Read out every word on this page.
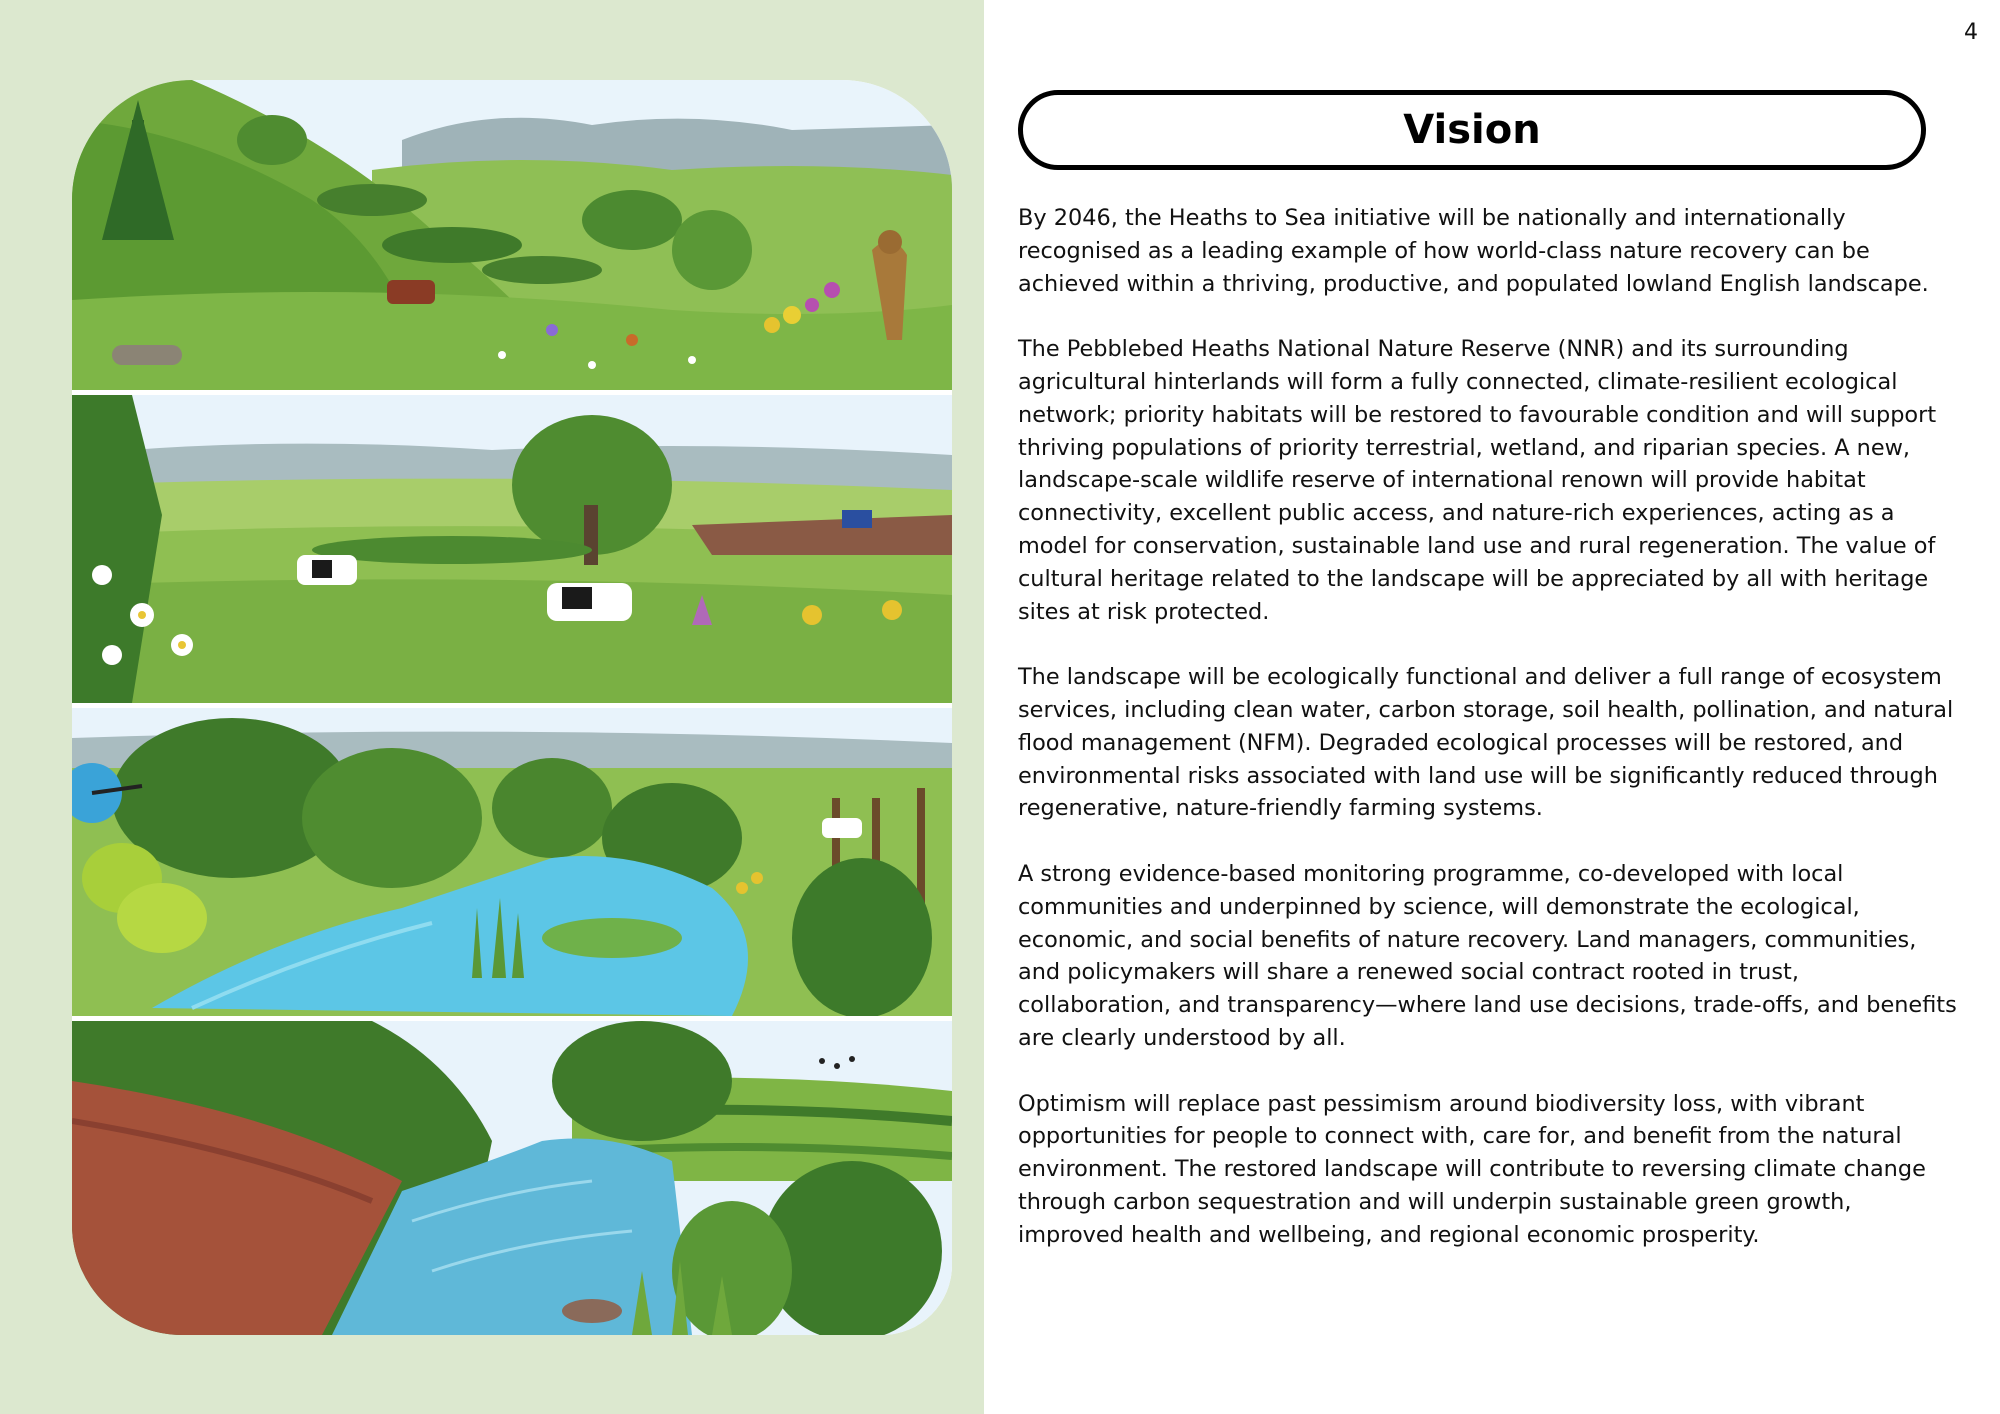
4
Vision

By 2046, the Heaths to Sea initiative will be nationally and internationally recognised as a leading example of how world-class nature recovery can be achieved within a thriving, productive, and populated lowland English landscape.

The Pebblebed Heaths National Nature Reserve (NNR) and its surrounding agricultural hinterlands will form a fully connected, climate-resilient ecological network; priority habitats will be restored to favourable condition and will support thriving populations of priority terrestrial, wetland, and riparian species. A new, landscape-scale wildlife reserve of international renown will provide habitat connectivity, excellent public access, and nature-rich experiences, acting as a model for conservation, sustainable land use and rural regeneration. The value of cultural heritage related to the landscape will be appreciated by all with heritage sites at risk protected.

The landscape will be ecologically functional and deliver a full range of ecosystem services, including clean water, carbon storage, soil health, pollination, and natural flood management (NFM). Degraded ecological processes will be restored, and environmental risks associated with land use will be significantly reduced through regenerative, nature-friendly farming systems.

A strong evidence-based monitoring programme, co-developed with local communities and underpinned by science, will demonstrate the ecological, economic, and social benefits of nature recovery. Land managers, communities, and policymakers will share a renewed social contract rooted in trust, collaboration, and transparency—where land use decisions, trade-offs, and benefits are clearly understood by all.

Optimism will replace past pessimism around biodiversity loss, with vibrant opportunities for people to connect with, care for, and benefit from the natural environment. The restored landscape will contribute to reversing climate change through carbon sequestration and will underpin sustainable green growth, improved health and wellbeing, and regional economic prosperity.
